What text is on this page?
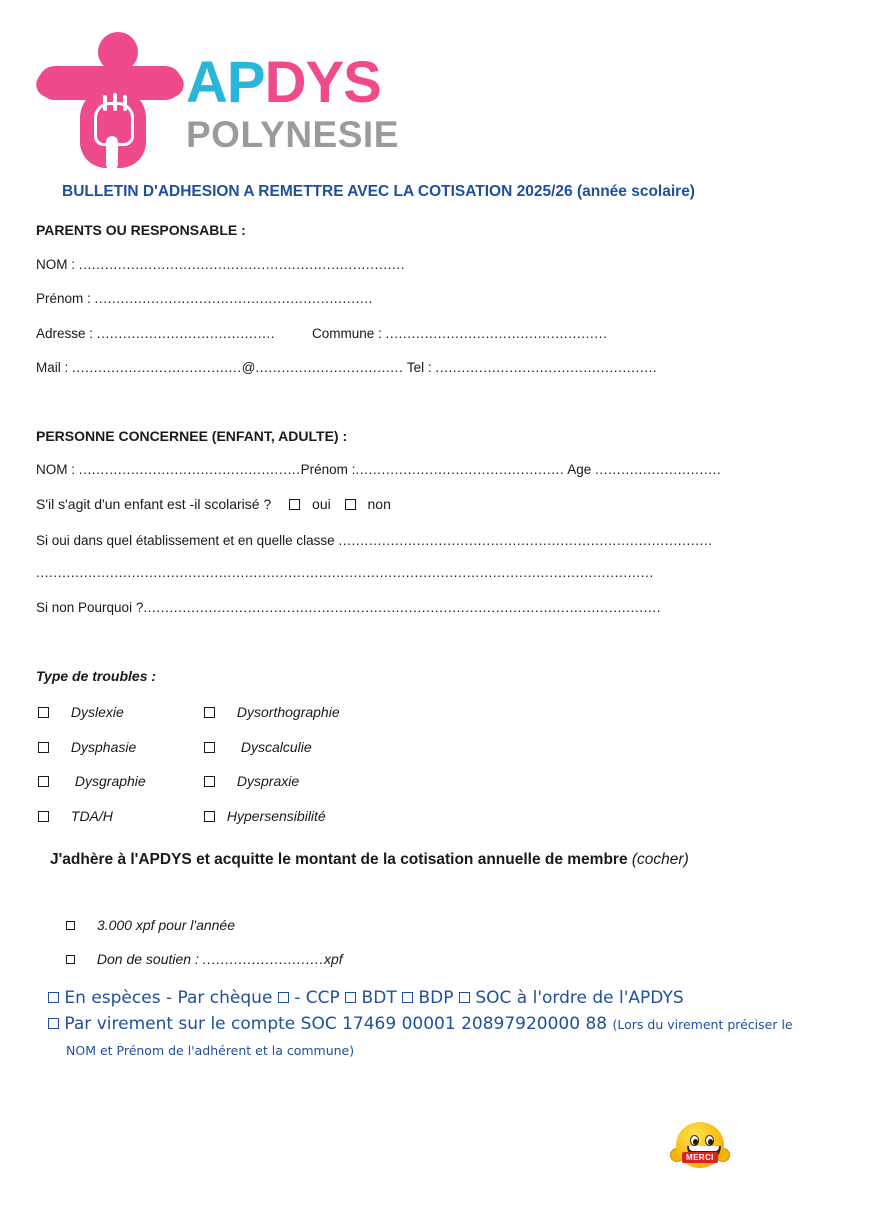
APDYS
POLYNESIE
BULLETIN D'ADHESION A REMETTRE AVEC LA COTISATION 2025/26 (année scolaire)
PARENTS OU RESPONSABLE :
NOM : ...........................................................................
Prénom : ................................................................
Adresse : .........................................	Commune : ...................................................
Mail : .......................................@.................................. Tel : ...................................................
PERSONNE CONCERNEE (ENFANT, ADULTE) :
NOM : ...................................................Prénom :................................................ Age .............................
S'il s'agit d'un enfant est -il scolarisé ?	oui	non
Si oui dans quel établissement et en quelle classe ......................................................................................
..............................................................................................................................................
Si non Pourquoi ?.......................................................................................................................
Type de troubles :
Dyslexie	Dysorthographie
Dysphasie	Dyscalculie
Dysgraphie	Dyspraxie
TDA/H	Hypersensibilité
J'adhère à l'APDYS et acquitte le montant de la cotisation annuelle de membre (cocher)
3.000 xpf pour l'année
Don de soutien : ...........................xpf
En espèces - Par chèque  - CCP  BDT  BDP  SOC à l'ordre de l'APDYS
Par virement sur le compte SOC 17469 00001 20897920000 88 (Lors du virement préciser le
NOM et Prénom de l'adhérent et la commune)
MERCI
